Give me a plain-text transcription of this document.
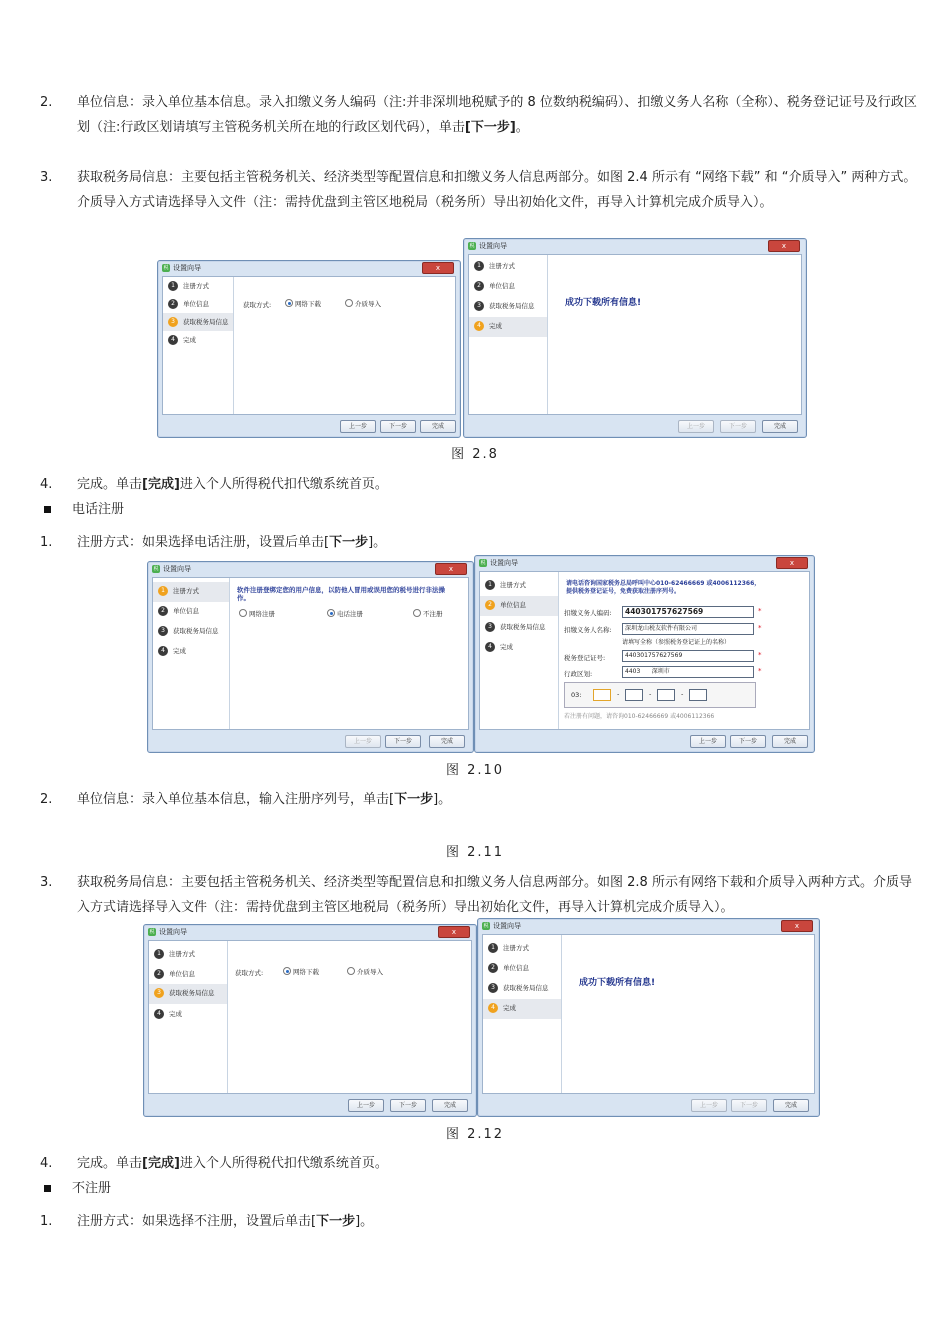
2. 单位信息：录入单位基本信息。录入扣缴义务人编码（注:并非深圳地税赋予的 8 位数纳税编码）、扣缴义务人名称（全称）、税务登记证号及行政区划（注:行政区划请填写主管税务机关所在地的行政区划代码），单击[下一步]。
3. 获取税务局信息：主要包括主管税务机关、经济类型等配置信息和扣缴义务人信息两部分。如图 2.4 所示有 “网络下载” 和 “介质导入” 两种方式。介质导入方式请选择导入文件（注：需持优盘到主管区地税局（税务所）导出初始化文件，再导入计算机完成介质导入）。
税 设置向导	x
1	注册方式
2	单位信息
3	获取税务局信息
4	完成
获取方式:	网络下载	介质导入
上一步	下一步	完成
税 设置向导	x
1	注册方式
2	单位信息
3	获取税务局信息
4	完成
成功下载所有信息!
上一步	下一步	完成
图 2.8
4. 完成。单击[完成]进入个人所得税代扣代缴系统首页。
电话注册
1. 注册方式：如果选择电话注册，设置后单击[下一步]。
税 设置向导	x
1	注册方式
2	单位信息
3	获取税务局信息
4	完成
软件注册登绑定您的用户信息，以防他人冒用或误用您的税号进行非法操作。
网络注册	电话注册	不注册
上一步	下一步	完成
税 设置向导	x
1	注册方式
2	单位信息
3	获取税务局信息
4	完成
请电话咨询国家税务总局呼叫中心010-62466669 或4006112366，提供税务登记证号，免费获取注册序列号。
扣缴义务人编码:	440301757627569	*
扣缴义务人名称:	深圳龙山税友软件有限公司	*
请填写全称（参照税务登记证上的名称）
税务登记证号:	440301757627569	*
行政区划:	4403 深圳市	*
03:	-	-	-
若注册有问题，请咨询010-62466669 或4006112366
上一步	下一步	完成
图 2.10
2. 单位信息：录入单位基本信息，输入注册序列号，单击[下一步]。
图 2.11
3. 获取税务局信息：主要包括主管税务机关、经济类型等配置信息和扣缴义务人信息两部分。如图 2.8 所示有网络下载和介质导入两种方式。介质导入方式请选择导入文件（注：需持优盘到主管区地税局（税务所）导出初始化文件，再导入计算机完成介质导入）。
税 设置向导	x
1	注册方式
2	单位信息
3	获取税务局信息
4	完成
获取方式:	网络下载	介质导入
上一步	下一步	完成
税 设置向导	x
1	注册方式
2	单位信息
3	获取税务局信息
4	完成
成功下载所有信息!
上一步	下一步	完成
图 2.12
4. 完成。单击[完成]进入个人所得税代扣代缴系统首页。
不注册
1. 注册方式：如果选择不注册，设置后单击[下一步]。
